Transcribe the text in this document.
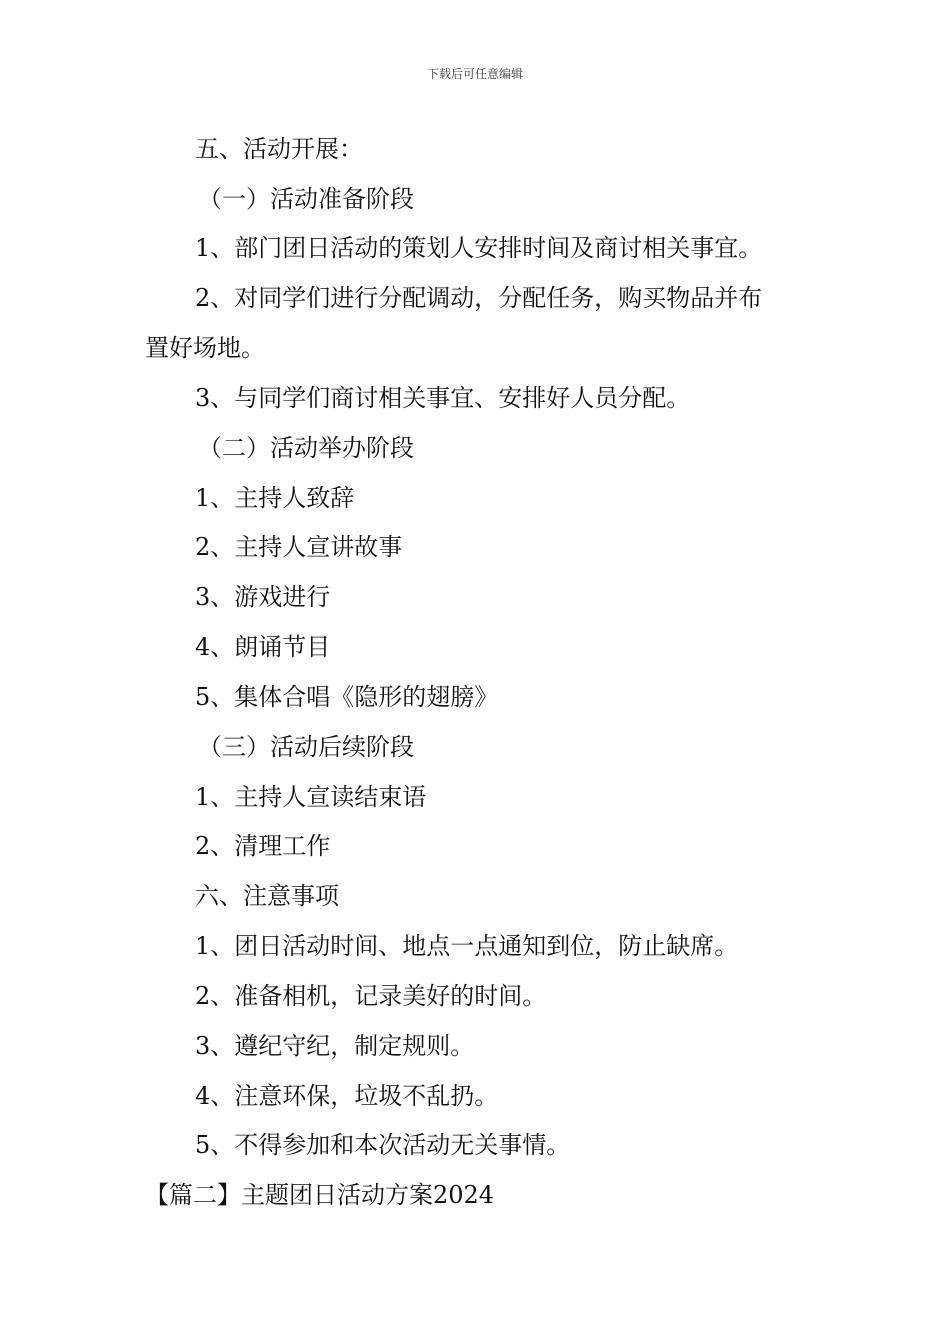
下载后可任意编辑
五、活动开展：
（一）活动准备阶段
1、部门团日活动的策划人安排时间及商讨相关事宜。
2、对同学们进行分配调动，分配任务，购买物品并布
置好场地。
3、与同学们商讨相关事宜、安排好人员分配。
（二）活动举办阶段
1、主持人致辞
2、主持人宣讲故事
3、游戏进行
4、朗诵节目
5、集体合唱《隐形的翅膀》
（三）活动后续阶段
1、主持人宣读结束语
2、清理工作
六、注意事项
1、团日活动时间、地点一点通知到位，防止缺席。
2、准备相机，记录美好的时间。
3、遵纪守纪，制定规则。
4、注意环保，垃圾不乱扔。
5、不得参加和本次活动无关事情。
【篇二】主题团日活动方案2024
